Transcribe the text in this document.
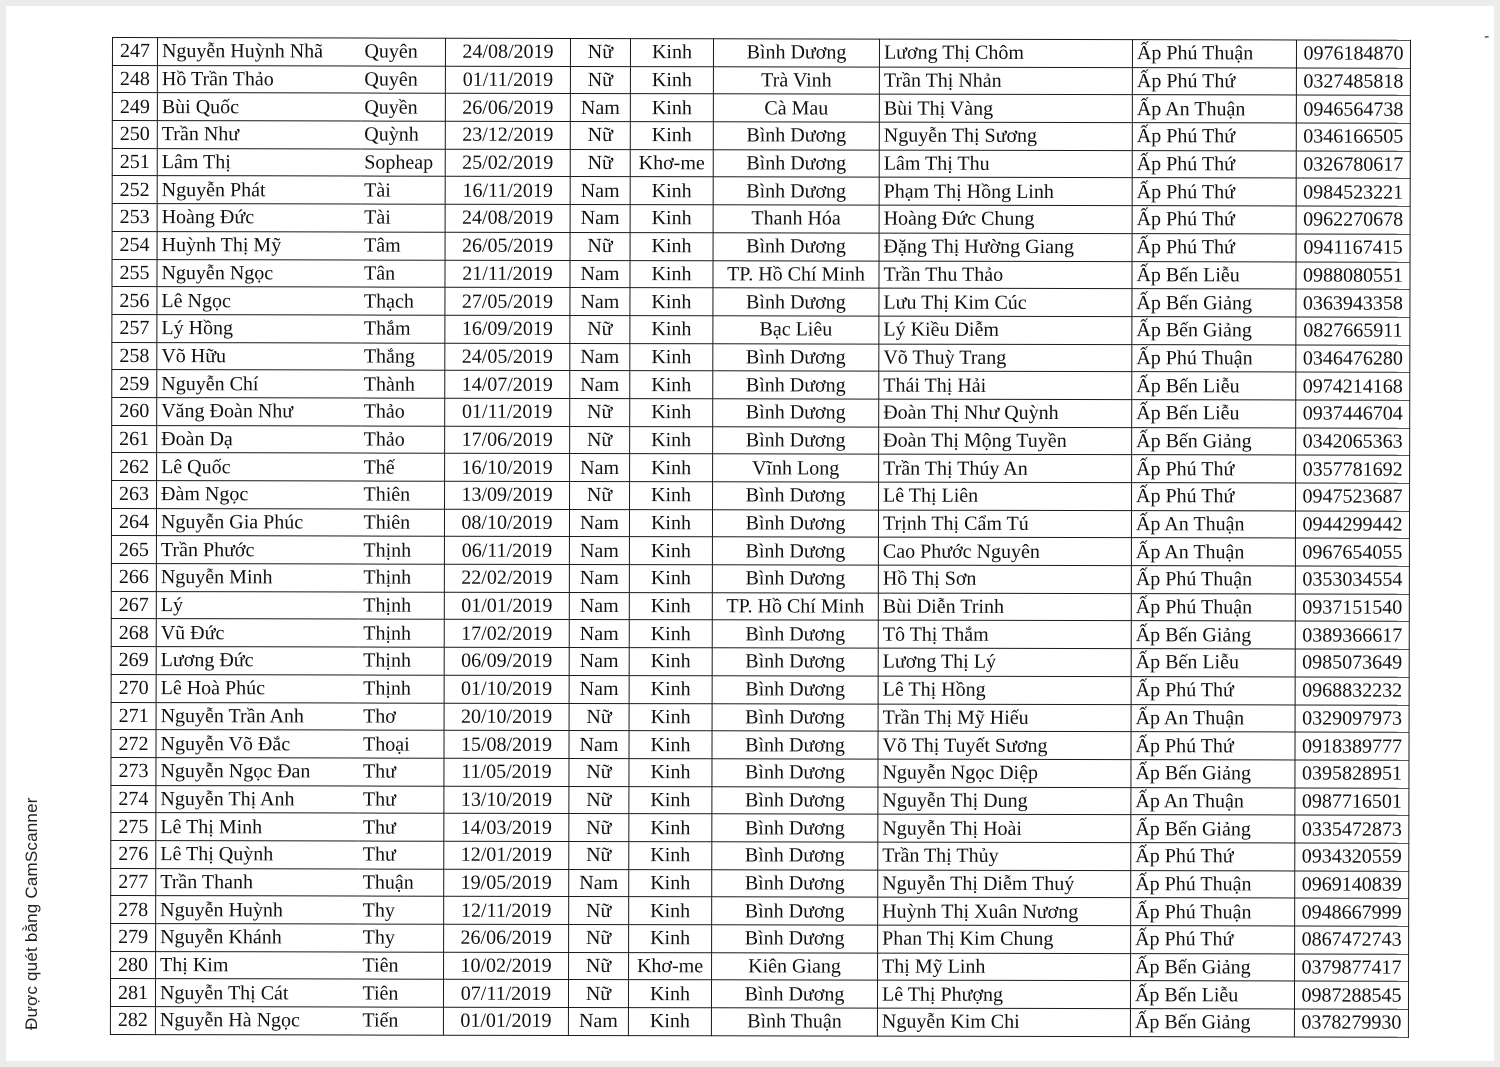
-
Được quét bằng CamScanner
247	Nguyễn Huỳnh Nhã	Quyên	24/08/2019	Nữ	Kinh	Bình Dương	Lương Thị Chôm	Ấp Phú Thuận	0976184870
248	Hồ Trần Thảo	Quyên	01/11/2019	Nữ	Kinh	Trà Vinh	Trần Thị Nhản	Ấp Phú Thứ	0327485818
249	Bùi Quốc	Quyền	26/06/2019	Nam	Kinh	Cà Mau	Bùi Thị Vàng	Ấp An Thuận	0946564738
250	Trần Như	Quỳnh	23/12/2019	Nữ	Kinh	Bình Dương	Nguyễn Thị Sương	Ấp Phú Thứ	0346166505
251	Lâm Thị	Sopheap	25/02/2019	Nữ	Khơ-me	Bình Dương	Lâm Thị Thu	Ấp Phú Thứ	0326780617
252	Nguyễn Phát	Tài	16/11/2019	Nam	Kinh	Bình Dương	Phạm Thị Hồng Linh	Ấp Phú Thứ	0984523221
253	Hoàng Đức	Tài	24/08/2019	Nam	Kinh	Thanh Hóa	Hoàng Đức Chung	Ấp Phú Thứ	0962270678
254	Huỳnh Thị Mỹ	Tâm	26/05/2019	Nữ	Kinh	Bình Dương	Đặng Thị Hường Giang	Ấp Phú Thứ	0941167415
255	Nguyễn Ngọc	Tân	21/11/2019	Nam	Kinh	TP. Hồ Chí Minh	Trần Thu Thảo	Ấp Bến Liễu	0988080551
256	Lê Ngọc	Thạch	27/05/2019	Nam	Kinh	Bình Dương	Lưu Thị Kim Cúc	Ấp Bến Giảng	0363943358
257	Lý Hồng	Thắm	16/09/2019	Nữ	Kinh	Bạc Liêu	Lý Kiều Diễm	Ấp Bến Giảng	0827665911
258	Võ Hữu	Thắng	24/05/2019	Nam	Kinh	Bình Dương	Võ Thuỳ Trang	Ấp Phú Thuận	0346476280
259	Nguyễn Chí	Thành	14/07/2019	Nam	Kinh	Bình Dương	Thái Thị Hải	Ấp Bến Liễu	0974214168
260	Văng Đoàn Như	Thảo	01/11/2019	Nữ	Kinh	Bình Dương	Đoàn Thị Như Quỳnh	Ấp Bến Liễu	0937446704
261	Đoàn Dạ	Thảo	17/06/2019	Nữ	Kinh	Bình Dương	Đoàn Thị Mộng Tuyền	Ấp Bến Giảng	0342065363
262	Lê Quốc	Thế	16/10/2019	Nam	Kinh	Vĩnh Long	Trần Thị Thúy An	Ấp Phú Thứ	0357781692
263	Đàm Ngọc	Thiên	13/09/2019	Nữ	Kinh	Bình Dương	Lê Thị Liên	Ấp Phú Thứ	0947523687
264	Nguyễn Gia Phúc	Thiên	08/10/2019	Nam	Kinh	Bình Dương	Trịnh Thị Cẩm Tú	Ấp An Thuận	0944299442
265	Trần Phước	Thịnh	06/11/2019	Nam	Kinh	Bình Dương	Cao Phước Nguyên	Ấp An Thuận	0967654055
266	Nguyễn Minh	Thịnh	22/02/2019	Nam	Kinh	Bình Dương	Hồ Thị Sơn	Ấp Phú Thuận	0353034554
267	Lý	Thịnh	01/01/2019	Nam	Kinh	TP. Hồ Chí Minh	Bùi Diễn Trinh	Ấp Phú Thuận	0937151540
268	Vũ Đức	Thịnh	17/02/2019	Nam	Kinh	Bình Dương	Tô Thị Thắm	Ấp Bến Giảng	0389366617
269	Lương Đức	Thịnh	06/09/2019	Nam	Kinh	Bình Dương	Lương Thị Lý	Ấp Bến Liễu	0985073649
270	Lê Hoà Phúc	Thịnh	01/10/2019	Nam	Kinh	Bình Dương	Lê Thị Hồng	Ấp Phú Thứ	0968832232
271	Nguyễn Trần Anh	Thơ	20/10/2019	Nữ	Kinh	Bình Dương	Trần Thị Mỹ Hiếu	Ấp An Thuận	0329097973
272	Nguyễn Võ Đắc	Thoại	15/08/2019	Nam	Kinh	Bình Dương	Võ Thị Tuyết Sương	Ấp Phú Thứ	0918389777
273	Nguyễn Ngọc Đan	Thư	11/05/2019	Nữ	Kinh	Bình Dương	Nguyễn Ngọc Diệp	Ấp Bến Giảng	0395828951
274	Nguyễn Thị Anh	Thư	13/10/2019	Nữ	Kinh	Bình Dương	Nguyễn Thị Dung	Ấp An Thuận	0987716501
275	Lê Thị Minh	Thư	14/03/2019	Nữ	Kinh	Bình Dương	Nguyễn Thị Hoài	Ấp Bến Giảng	0335472873
276	Lê Thị Quỳnh	Thư	12/01/2019	Nữ	Kinh	Bình Dương	Trần Thị Thủy	Ấp Phú Thứ	0934320559
277	Trần Thanh	Thuận	19/05/2019	Nam	Kinh	Bình Dương	Nguyễn Thị Diễm Thuý	Ấp Phú Thuận	0969140839
278	Nguyễn Huỳnh	Thy	12/11/2019	Nữ	Kinh	Bình Dương	Huỳnh Thị Xuân Nương	Ấp Phú Thuận	0948667999
279	Nguyễn Khánh	Thy	26/06/2019	Nữ	Kinh	Bình Dương	Phan Thị Kim Chung	Ấp Phú Thứ	0867472743
280	Thị Kim	Tiên	10/02/2019	Nữ	Khơ-me	Kiên Giang	Thị Mỹ Linh	Ấp Bến Giảng	0379877417
281	Nguyễn Thị Cát	Tiên	07/11/2019	Nữ	Kinh	Bình Dương	Lê Thị Phượng	Ấp Bến Liễu	0987288545
282	Nguyễn Hà Ngọc	Tiến	01/01/2019	Nam	Kinh	Bình Thuận	Nguyễn Kim Chi	Ấp Bến Giảng	0378279930
